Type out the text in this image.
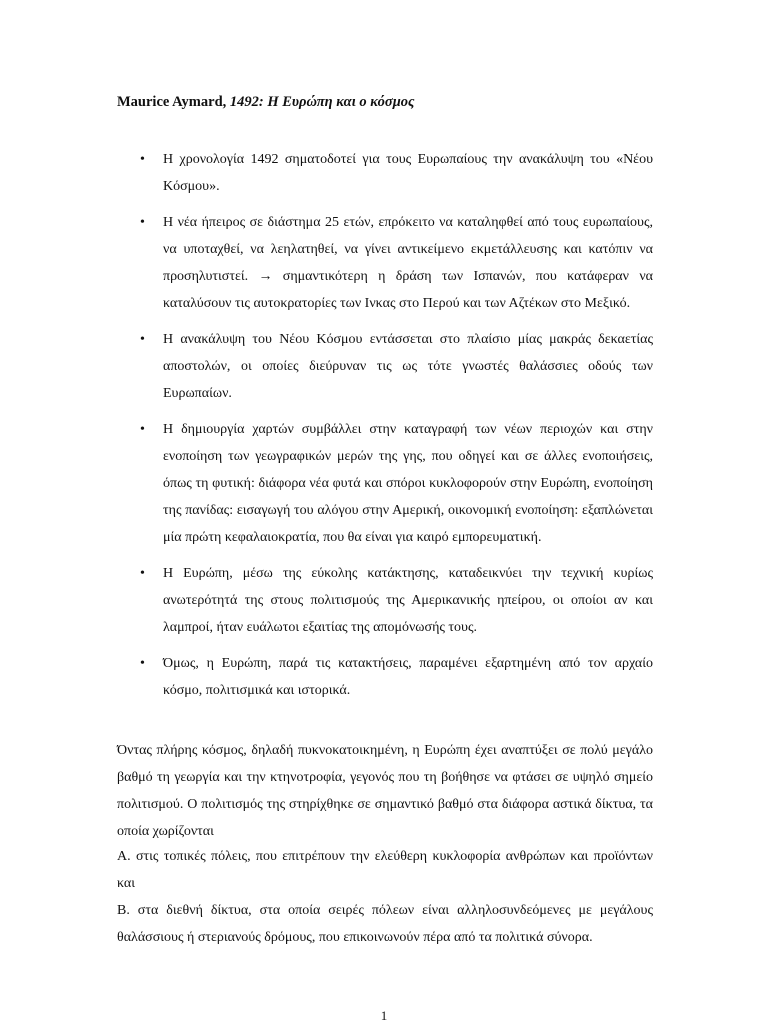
Maurice Aymard, 1492: Η Ευρώπη και ο κόσμος
• Η χρονολογία 1492 σηματοδοτεί για τους Ευρωπαίους την ανακάλυψη του «Νέου Κόσμου».
• Η νέα ήπειρος σε διάστημα 25 ετών, επρόκειτο να καταληφθεί από τους ευρωπαίους, να υποταχθεί, να λεηλατηθεί, να γίνει αντικείμενο εκμετάλλευσης και κατόπιν να προσηλυτιστεί. → σημαντικότερη η δράση των Ισπανών, που κατάφεραν να καταλύσουν τις αυτοκρατορίες των Ινκας στο Περού και των Αζτέκων στο Μεξικό.
• Η ανακάλυψη του Νέου Κόσμου εντάσσεται στο πλαίσιο μίας μακράς δεκαετίας αποστολών, οι οποίες διεύρυναν τις ως τότε γνωστές θαλάσσιες οδούς των Ευρωπαίων.
• Η δημιουργία χαρτών συμβάλλει στην καταγραφή των νέων περιοχών και στην ενοποίηση των γεωγραφικών μερών της γης, που οδηγεί και σε άλλες ενοποιήσεις, όπως τη φυτική: διάφορα νέα φυτά και σπόροι κυκλοφορούν στην Ευρώπη, ενοποίηση της πανίδας: εισαγωγή του αλόγου στην Αμερική, οικονομική ενοποίηση: εξαπλώνεται μία πρώτη κεφαλαιοκρατία, που θα είναι για καιρό εμπορευματική.
• Η Ευρώπη, μέσω της εύκολης κατάκτησης, καταδεικνύει την τεχνική κυρίως ανωτερότητά της στους πολιτισμούς της Αμερικανικής ηπείρου, οι οποίοι αν και λαμπροί, ήταν ευάλωτοι εξαιτίας της απομόνωσής τους.
• Όμως, η Ευρώπη, παρά τις κατακτήσεις, παραμένει εξαρτημένη από τον αρχαίο κόσμο, πολιτισμικά και ιστορικά.

Όντας πλήρης κόσμος, δηλαδή πυκνοκατοικημένη, η Ευρώπη έχει αναπτύξει σε πολύ μεγάλο βαθμό τη γεωργία και την κτηνοτροφία, γεγονός που τη βοήθησε να φτάσει σε υψηλό σημείο πολιτισμού. Ο πολιτισμός της στηρίχθηκε σε σημαντικό βαθμό στα διάφορα αστικά δίκτυα, τα οποία χωρίζονται

Α. στις τοπικές πόλεις, που επιτρέπουν την ελεύθερη κυκλοφορία ανθρώπων και προϊόντων και

Β. στα διεθνή δίκτυα, στα οποία σειρές πόλεων είναι αλληλοσυνδεόμενες με μεγάλους θαλάσσιους ή στεριανούς δρόμους, που επικοινωνούν πέρα από τα πολιτικά σύνορα.

1
